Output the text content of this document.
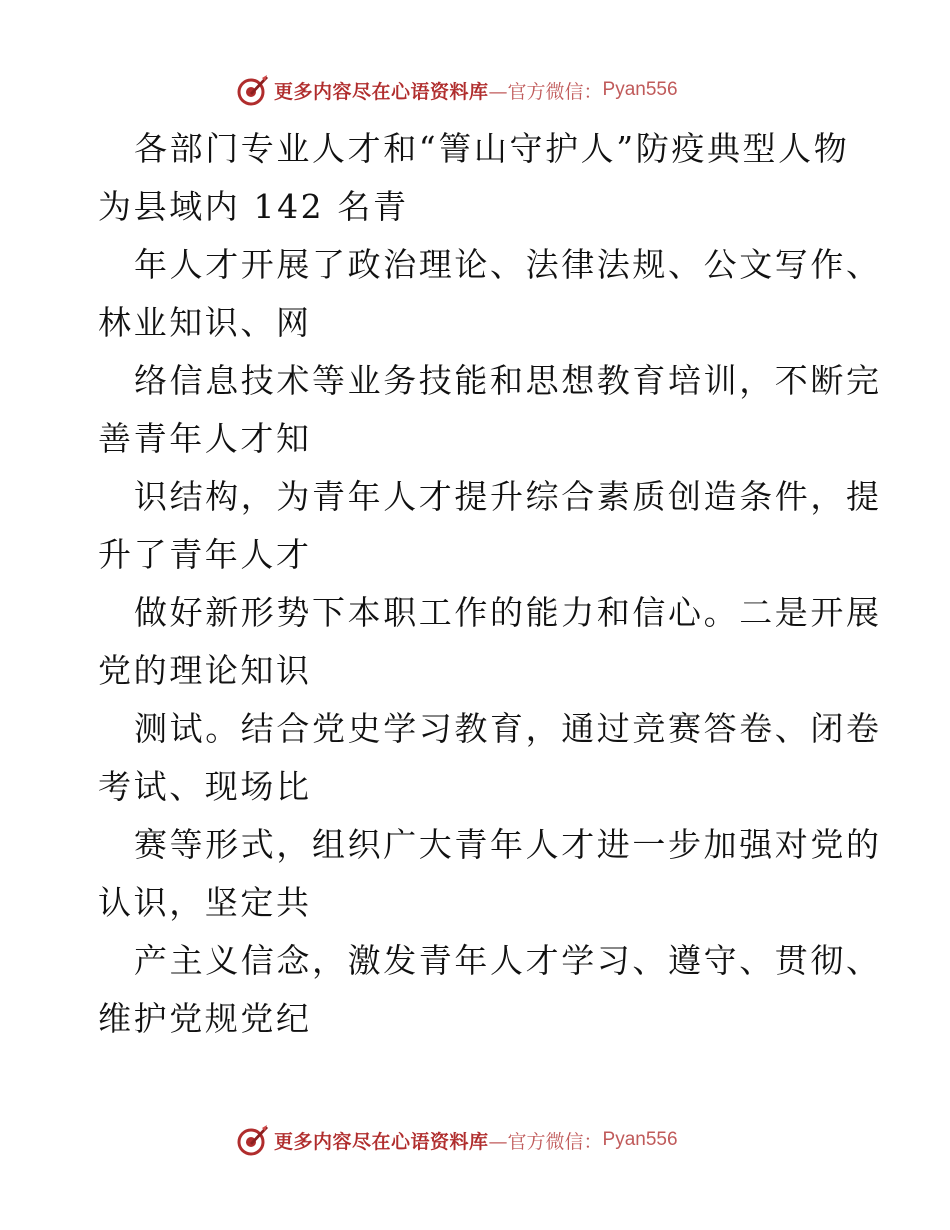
更多内容尽在心语资料库 —官方微信： Pyan556
各部门专业人才和“箐山守护人”防疫典型人物
为县域内 142 名青
年人才开展了政治理论、法律法规、公文写作、
林业知识、网
络信息技术等业务技能和思想教育培训，不断完
善青年人才知
识结构，为青年人才提升综合素质创造条件，提
升了青年人才
做好新形势下本职工作的能力和信心。二是开展
党的理论知识
测试。结合党史学习教育，通过竞赛答卷、闭卷
考试、现场比
赛等形式，组织广大青年人才进一步加强对党的
认识，坚定共
产主义信念，激发青年人才学习、遵守、贯彻、
维护党规党纪
更多内容尽在心语资料库 —官方微信： Pyan556
